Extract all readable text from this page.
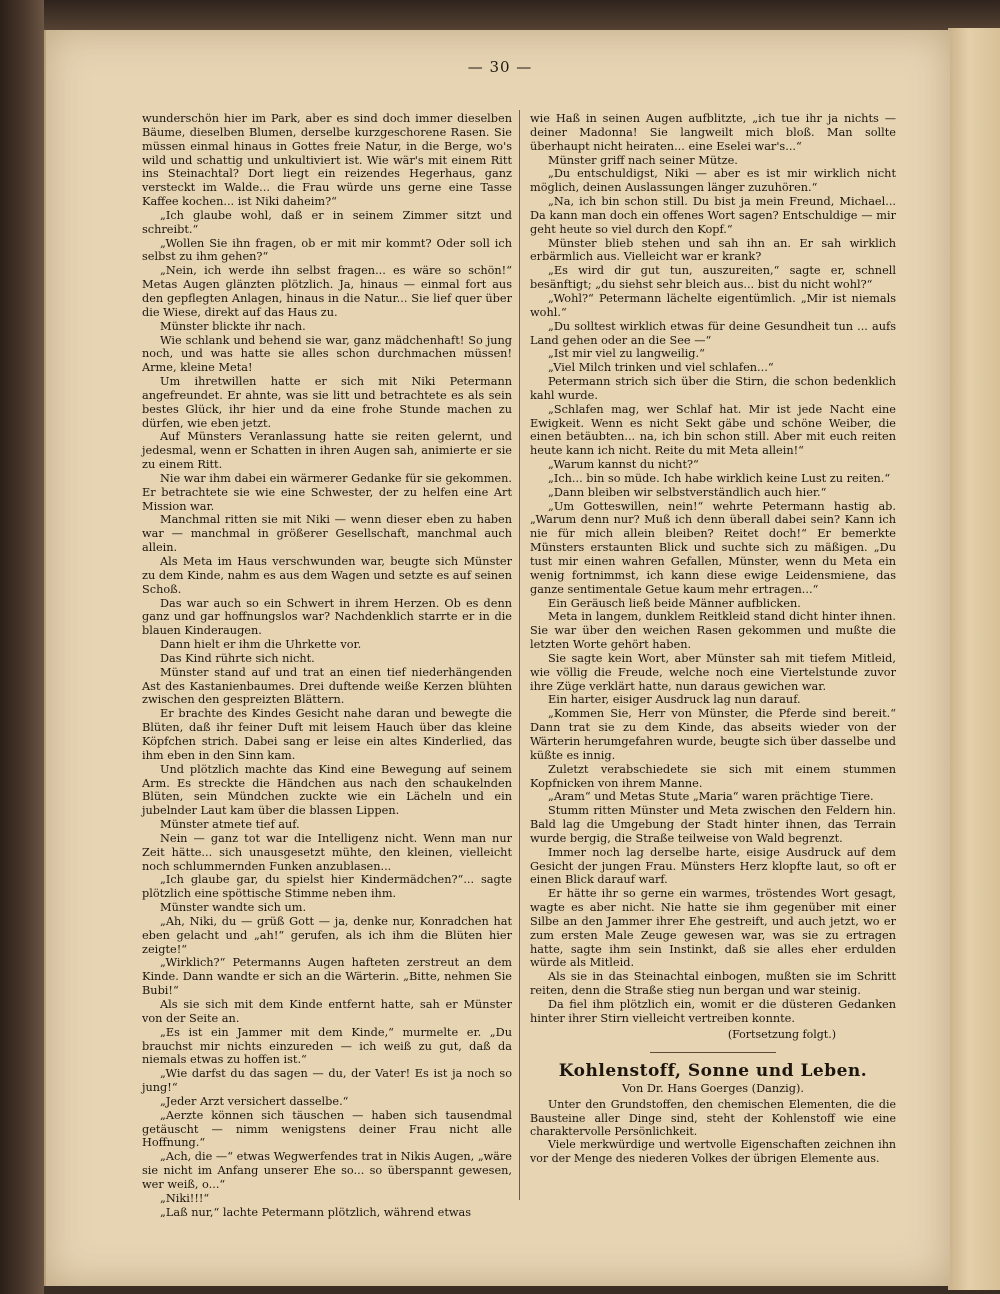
— 30 —

wunderschön hier im Park, aber es sind doch immer dieselben Bäume, dieselben Blumen, derselbe kurzgeschorene Rasen. Sie müssen einmal hinaus in Gottes freie Natur, in die Berge, wo's wild und schattig und unkultiviert ist. Wie wär's mit einem Ritt ins Steinachtal? Dort liegt ein reizendes Hegerhaus, ganz versteckt im Walde... die Frau würde uns gerne eine Tasse Kaffee kochen... ist Niki daheim?“

„Ich glaube wohl, daß er in seinem Zimmer sitzt und schreibt.“

„Wollen Sie ihn fragen, ob er mit mir kommt? Oder soll ich selbst zu ihm gehen?“

„Nein, ich werde ihn selbst fragen... es wäre so schön!“ Metas Augen glänzten plötzlich. Ja, hinaus — einmal fort aus den gepflegten Anlagen, hinaus in die Natur... Sie lief quer über die Wiese, direkt auf das Haus zu.

Münster blickte ihr nach.

Wie schlank und behend sie war, ganz mädchenhaft! So jung noch, und was hatte sie alles schon durchmachen müssen! Arme, kleine Meta!

Um ihretwillen hatte er sich mit Niki Petermann angefreundet. Er ahnte, was sie litt und betrachtete es als sein bestes Glück, ihr hier und da eine frohe Stunde machen zu dürfen, wie eben jetzt.

Auf Münsters Veranlassung hatte sie reiten gelernt, und jedesmal, wenn er Schatten in ihren Augen sah, animierte er sie zu einem Ritt.

Nie war ihm dabei ein wärmerer Gedanke für sie gekommen. Er betrachtete sie wie eine Schwester, der zu helfen eine Art Mission war.

Manchmal ritten sie mit Niki — wenn dieser eben zu haben war — manchmal in größerer Gesellschaft, manchmal auch allein.

Als Meta im Haus verschwunden war, beugte sich Münster zu dem Kinde, nahm es aus dem Wagen und setzte es auf seinen Schoß.

Das war auch so ein Schwert in ihrem Herzen. Ob es denn ganz und gar hoffnungslos war? Nachdenklich starrte er in die blauen Kinderaugen.

Dann hielt er ihm die Uhrkette vor.

Das Kind rührte sich nicht.

Münster stand auf und trat an einen tief niederhängenden Ast des Kastanienbaumes. Drei duftende weiße Kerzen blühten zwischen den gespreizten Blättern.

Er brachte des Kindes Gesicht nahe daran und bewegte die Blüten, daß ihr feiner Duft mit leisem Hauch über das kleine Köpfchen strich. Dabei sang er leise ein altes Kinderlied, das ihm eben in den Sinn kam.

Und plötzlich machte das Kind eine Bewegung auf seinem Arm. Es streckte die Händchen aus nach den schaukelnden Blüten, sein Mündchen zuckte wie ein Lächeln und ein jubelnder Laut kam über die blassen Lippen.

Münster atmete tief auf.

Nein — ganz tot war die Intelligenz nicht. Wenn man nur Zeit hätte... sich unausgesetzt mühte, den kleinen, vielleicht noch schlummernden Funken anzublasen...

„Ich glaube gar, du spielst hier Kindermädchen?“... sagte plötzlich eine spöttische Stimme neben ihm.

Münster wandte sich um.

„Ah, Niki, du — grüß Gott — ja, denke nur, Konradchen hat eben gelacht und „ah!“ gerufen, als ich ihm die Blüten hier zeigte!“

„Wirklich?“ Petermanns Augen hafteten zerstreut an dem Kinde. Dann wandte er sich an die Wärterin. „Bitte, nehmen Sie Bubi!“

Als sie sich mit dem Kinde entfernt hatte, sah er Münster von der Seite an.

„Es ist ein Jammer mit dem Kinde,“ murmelte er. „Du brauchst mir nichts einzureden — ich weiß zu gut, daß da niemals etwas zu hoffen ist.“

„Wie darfst du das sagen — du, der Vater! Es ist ja noch so jung!“

„Jeder Arzt versichert dasselbe.“

„Aerzte können sich täuschen — haben sich tausendmal getäuscht — nimm wenigstens deiner Frau nicht alle Hoffnung.“

„Ach, die —“ etwas Wegwerfendes trat in Nikis Augen, „wäre sie nicht im Anfang unserer Ehe so... so überspannt gewesen, wer weiß, o...“

„Niki!!!“

„Laß nur,“ lachte Petermann plötzlich, während etwas

wie Haß in seinen Augen aufblitzte, „ich tue ihr ja nichts — deiner Madonna! Sie langweilt mich bloß. Man sollte überhaupt nicht heiraten... eine Eselei war's...“

Münster griff nach seiner Mütze.

„Du entschuldigst, Niki — aber es ist mir wirklich nicht möglich, deinen Auslassungen länger zuzuhören.“

„Na, ich bin schon still. Du bist ja mein Freund, Michael... Da kann man doch ein offenes Wort sagen? Entschuldige — mir geht heute so viel durch den Kopf.“

Münster blieb stehen und sah ihn an. Er sah wirklich erbärmlich aus. Vielleicht war er krank?

„Es wird dir gut tun, auszureiten,“ sagte er, schnell besänftigt; „du siehst sehr bleich aus... bist du nicht wohl?“

„Wohl?“ Petermann lächelte eigentümlich. „Mir ist niemals wohl.“

„Du solltest wirklich etwas für deine Gesundheit tun ... aufs Land gehen oder an die See —“

„Ist mir viel zu langweilig.“

„Viel Milch trinken und viel schlafen...“

Petermann strich sich über die Stirn, die schon bedenklich kahl wurde.

„Schlafen mag, wer Schlaf hat. Mir ist jede Nacht eine Ewigkeit. Wenn es nicht Sekt gäbe und schöne Weiber, die einen betäubten... na, ich bin schon still. Aber mit euch reiten heute kann ich nicht. Reite du mit Meta allein!“

„Warum kannst du nicht?“

„Ich... bin so müde. Ich habe wirklich keine Lust zu reiten.“

„Dann bleiben wir selbstverständlich auch hier.“

„Um Gotteswillen, nein!“ wehrte Petermann hastig ab. „Warum denn nur? Muß ich denn überall dabei sein? Kann ich nie für mich allein bleiben? Reitet doch!“ Er bemerkte Münsters erstaunten Blick und suchte sich zu mäßigen. „Du tust mir einen wahren Gefallen, Münster, wenn du Meta ein wenig fortnimmst, ich kann diese ewige Leidensmiene, das ganze sentimentale Getue kaum mehr ertragen...“

Ein Geräusch ließ beide Männer aufblicken.

Meta in langem, dunklem Reitkleid stand dicht hinter ihnen. Sie war über den weichen Rasen gekommen und mußte die letzten Worte gehört haben.

Sie sagte kein Wort, aber Münster sah mit tiefem Mitleid, wie völlig die Freude, welche noch eine Viertelstunde zuvor ihre Züge verklärt hatte, nun daraus gewichen war.

Ein harter, eisiger Ausdruck lag nun darauf.

„Kommen Sie, Herr von Münster, die Pferde sind bereit.“ Dann trat sie zu dem Kinde, das abseits wieder von der Wärterin herumgefahren wurde, beugte sich über dasselbe und küßte es innig.

Zuletzt verabschiedete sie sich mit einem stummen Kopfnicken von ihrem Manne.

„Aram“ und Metas Stute „Maria“ waren prächtige Tiere.

Stumm ritten Münster und Meta zwischen den Feldern hin. Bald lag die Umgebung der Stadt hinter ihnen, das Terrain wurde bergig, die Straße teilweise von Wald begrenzt.

Immer noch lag derselbe harte, eisige Ausdruck auf dem Gesicht der jungen Frau. Münsters Herz klopfte laut, so oft er einen Blick darauf warf.

Er hätte ihr so gerne ein warmes, tröstendes Wort gesagt, wagte es aber nicht. Nie hatte sie ihm gegenüber mit einer Silbe an den Jammer ihrer Ehe gestreift, und auch jetzt, wo er zum ersten Male Zeuge gewesen war, was sie zu ertragen hatte, sagte ihm sein Instinkt, daß sie alles eher erdulden würde als Mitleid.

Als sie in das Steinachtal einbogen, mußten sie im Schritt reiten, denn die Straße stieg nun bergan und war steinig.

Da fiel ihm plötzlich ein, womit er die düsteren Gedanken hinter ihrer Stirn vielleicht vertreiben konnte.

(Fortsetzung folgt.)
Kohlenstoff, Sonne und Leben.
Von Dr. Hans Goerges (Danzig).

Unter den Grundstoffen, den chemischen Elementen, die die Bausteine aller Dinge sind, steht der Kohlenstoff wie eine charaktervolle Persönlichkeit.

Viele merkwürdige und wertvolle Eigenschaften zeichnen ihn vor der Menge des niederen Volkes der übrigen Elemente aus.
